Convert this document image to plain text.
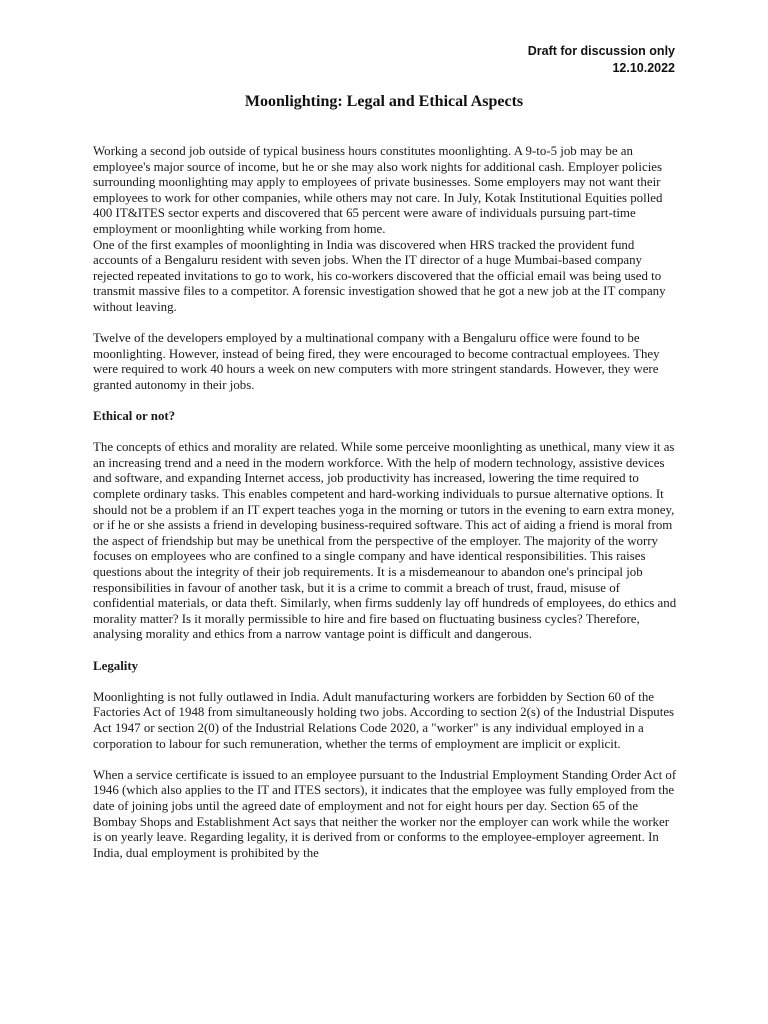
Draft for discussion only
12.10.2022
Moonlighting: Legal and Ethical Aspects

Working a second job outside of typical business hours constitutes moonlighting. A 9-to-5 job may be an employee's major source of income, but he or she may also work nights for additional cash. Employer policies surrounding moonlighting may apply to employees of private businesses. Some employers may not want their employees to work for other companies, while others may not care. In July, Kotak Institutional Equities polled 400 IT&ITES sector experts and discovered that 65 percent were aware of individuals pursuing part-time employment or moonlighting while working from home.

One of the first examples of moonlighting in India was discovered when HRS tracked the provident fund accounts of a Bengaluru resident with seven jobs. When the IT director of a huge Mumbai-based company rejected repeated invitations to go to work, his co-workers discovered that the official email was being used to transmit massive files to a competitor. A forensic investigation showed that he got a new job at the IT company without leaving.

Twelve of the developers employed by a multinational company with a Bengaluru office were found to be moonlighting. However, instead of being fired, they were encouraged to become contractual employees. They were required to work 40 hours a week on new computers with more stringent standards. However, they were granted autonomy in their jobs.

Ethical or not?

The concepts of ethics and morality are related. While some perceive moonlighting as unethical, many view it as an increasing trend and a need in the modern workforce. With the help of modern technology, assistive devices and software, and expanding Internet access, job productivity has increased, lowering the time required to complete ordinary tasks. This enables competent and hard-working individuals to pursue alternative options. It should not be a problem if an IT expert teaches yoga in the morning or tutors in the evening to earn extra money, or if he or she assists a friend in developing business-required software. This act of aiding a friend is moral from the aspect of friendship but may be unethical from the perspective of the employer. The majority of the worry focuses on employees who are confined to a single company and have identical responsibilities. This raises questions about the integrity of their job requirements. It is a misdemeanour to abandon one's principal job responsibilities in favour of another task, but it is a crime to commit a breach of trust, fraud, misuse of confidential materials, or data theft. Similarly, when firms suddenly lay off hundreds of employees, do ethics and morality matter? Is it morally permissible to hire and fire based on fluctuating business cycles? Therefore, analysing morality and ethics from a narrow vantage point is difficult and dangerous.

Legality

Moonlighting is not fully outlawed in India. Adult manufacturing workers are forbidden by Section 60 of the Factories Act of 1948 from simultaneously holding two jobs. According to section 2(s) of the Industrial Disputes Act 1947 or section 2(0) of the Industrial Relations Code 2020, a "worker" is any individual employed in a corporation to labour for such remuneration, whether the terms of employment are implicit or explicit.

When a service certificate is issued to an employee pursuant to the Industrial Employment Standing Order Act of 1946 (which also applies to the IT and ITES sectors), it indicates that the employee was fully employed from the date of joining jobs until the agreed date of employment and not for eight hours per day. Section 65 of the Bombay Shops and Establishment Act says that neither the worker nor the employer can work while the worker is on yearly leave. Regarding legality, it is derived from or conforms to the employee-employer agreement. In India, dual employment is prohibited by the
